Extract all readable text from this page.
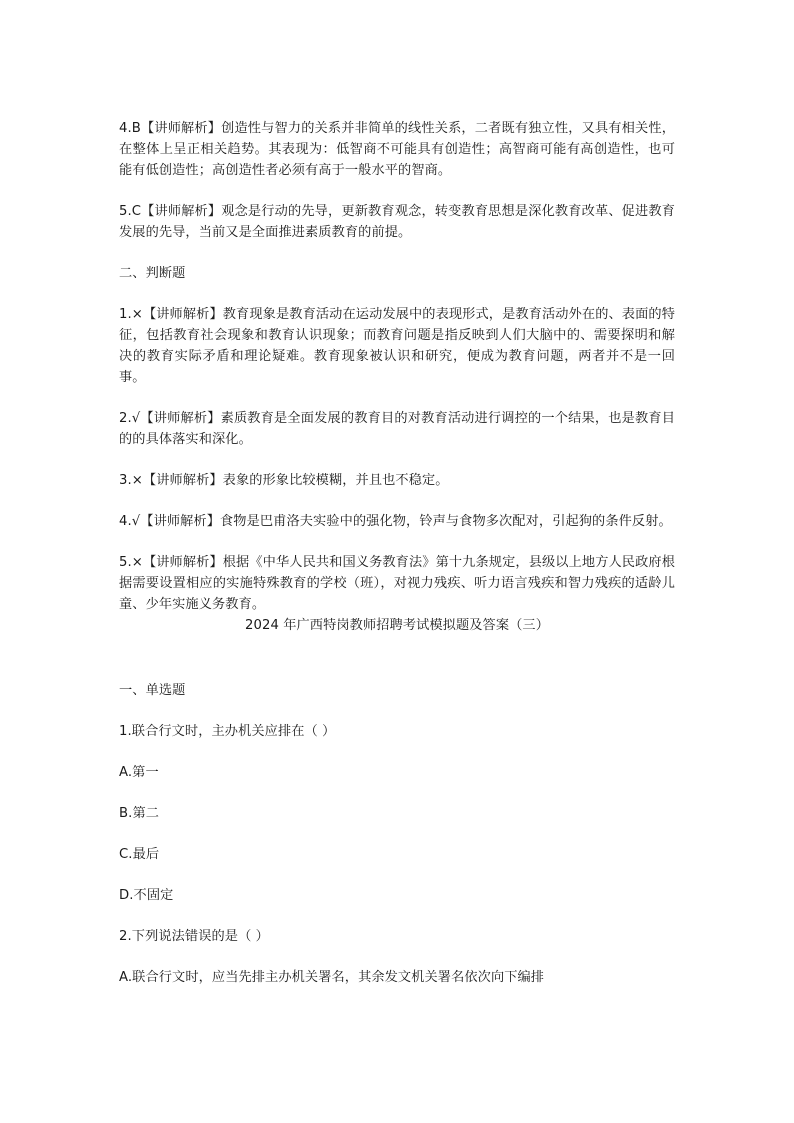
4.B【讲师解析】创造性与智力的关系并非简单的线性关系，二者既有独立性，又具有相关性，在整体上呈正相关趋势。其表现为：低智商不可能具有创造性；高智商可能有高创造性，也可能有低创造性；高创造性者必须有高于一般水平的智商。

5.C【讲师解析】观念是行动的先导，更新教育观念，转变教育思想是深化教育改革、促进教育发展的先导，当前又是全面推进素质教育的前提。

二、判断题

1.×【讲师解析】教育现象是教育活动在运动发展中的表现形式，是教育活动外在的、表面的特征，包括教育社会现象和教育认识现象；而教育问题是指反映到人们大脑中的、需要探明和解决的教育实际矛盾和理论疑难。教育现象被认识和研究，便成为教育问题，两者并不是一回事。

2.√【讲师解析】素质教育是全面发展的教育目的对教育活动进行调控的一个结果，也是教育目的的具体落实和深化。

3.×【讲师解析】表象的形象比较模糊，并且也不稳定。

4.√【讲师解析】食物是巴甫洛夫实验中的强化物，铃声与食物多次配对，引起狗的条件反射。

5.×【讲师解析】根据《中华人民共和国义务教育法》第十九条规定，县级以上地方人民政府根据需要设置相应的实施特殊教育的学校（班），对视力残疾、听力语言残疾和智力残疾的适龄儿童、少年实施义务教育。

2024 年广西特岗教师招聘考试模拟题及答案（三）

一、单选题

1.联合行文时，主办机关应排在（ ）

A.第一

B.第二

C.最后

D.不固定

2.下列说法错误的是（ ）

A.联合行文时，应当先排主办机关署名，其余发文机关署名依次向下编排
